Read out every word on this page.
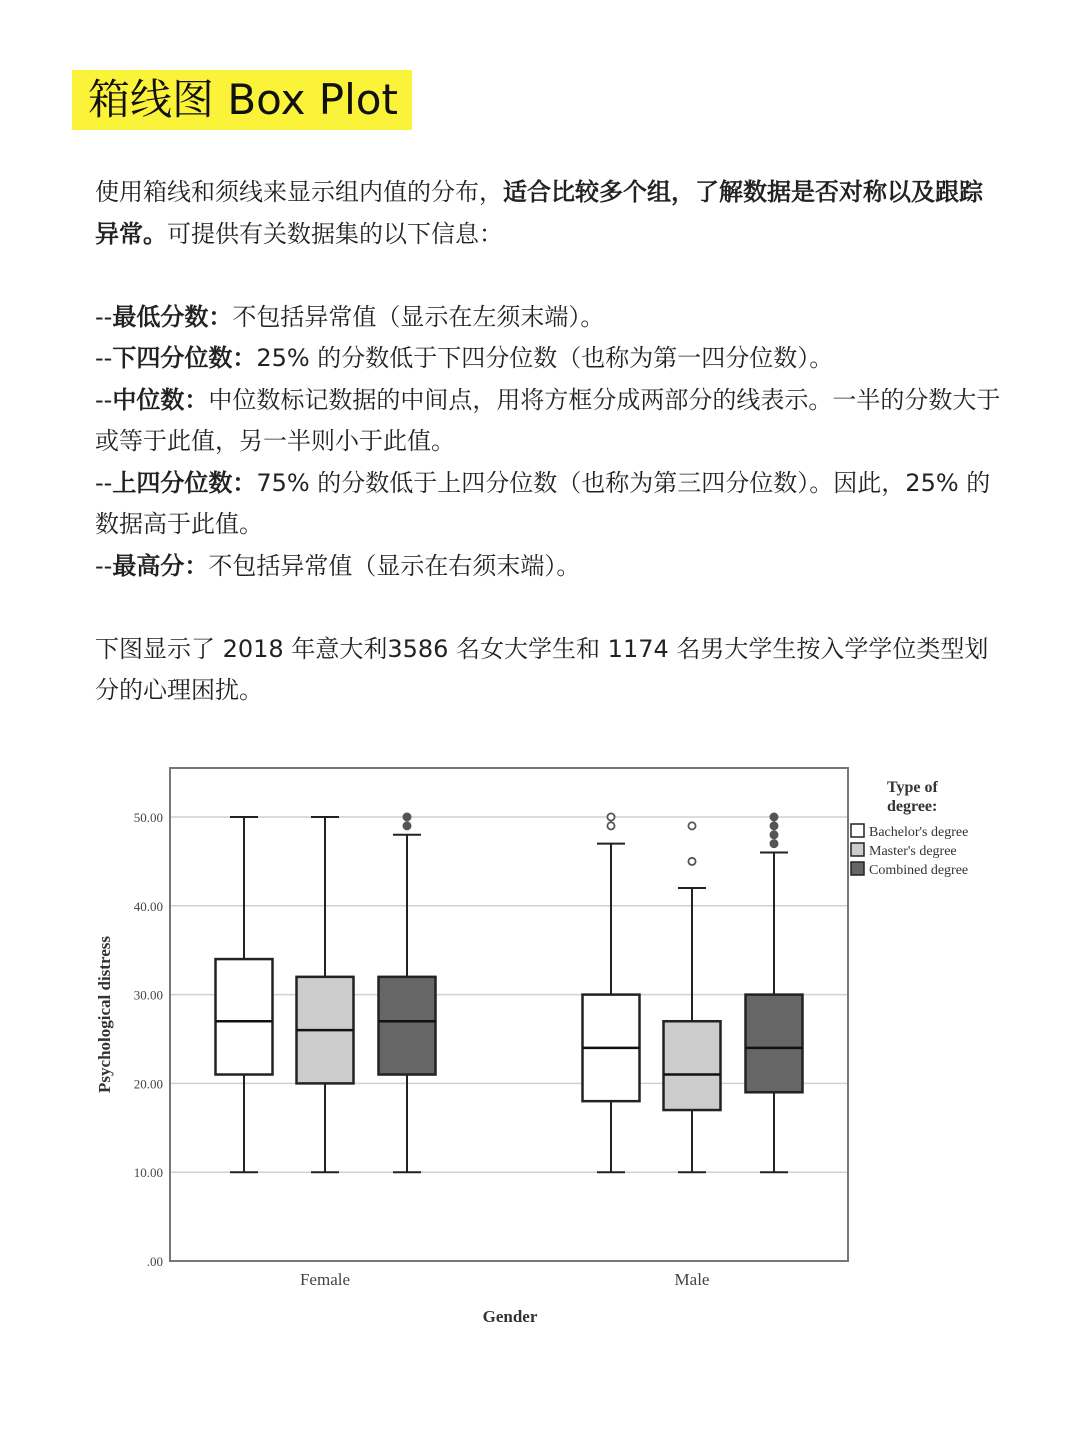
箱线图 Box Plot

使用箱线和须线来显示组内值的分布，适合比较多个组，了解数据是否对称以及跟踪异常。可提供有关数据集的以下信息：

--最低分数：不包括异常值（显示在左须末端）。

--下四分位数：25% 的分数低于下四分位数（也称为第一四分位数）。

--中位数：中位数标记数据的中间点，用将方框分成两部分的线表示。一半的分数大于或等于此值，另一半则小于此值。

--上四分位数：75% 的分数低于上四分位数（也称为第三四分位数）。因此，25% 的数据高于此值。

--最高分：不包括异常值（显示在右须末端）。

下图显示了 2018 年意大利3586 名女大学生和 1174 名男大学生按入学学位类型划分的心理困扰。

.00
10.00
20.00
30.00
40.00
50.00
Female	Male
Psychological distress
Gender
Type of
degree:
Bachelor's degree
Master's degree
Combined degree
